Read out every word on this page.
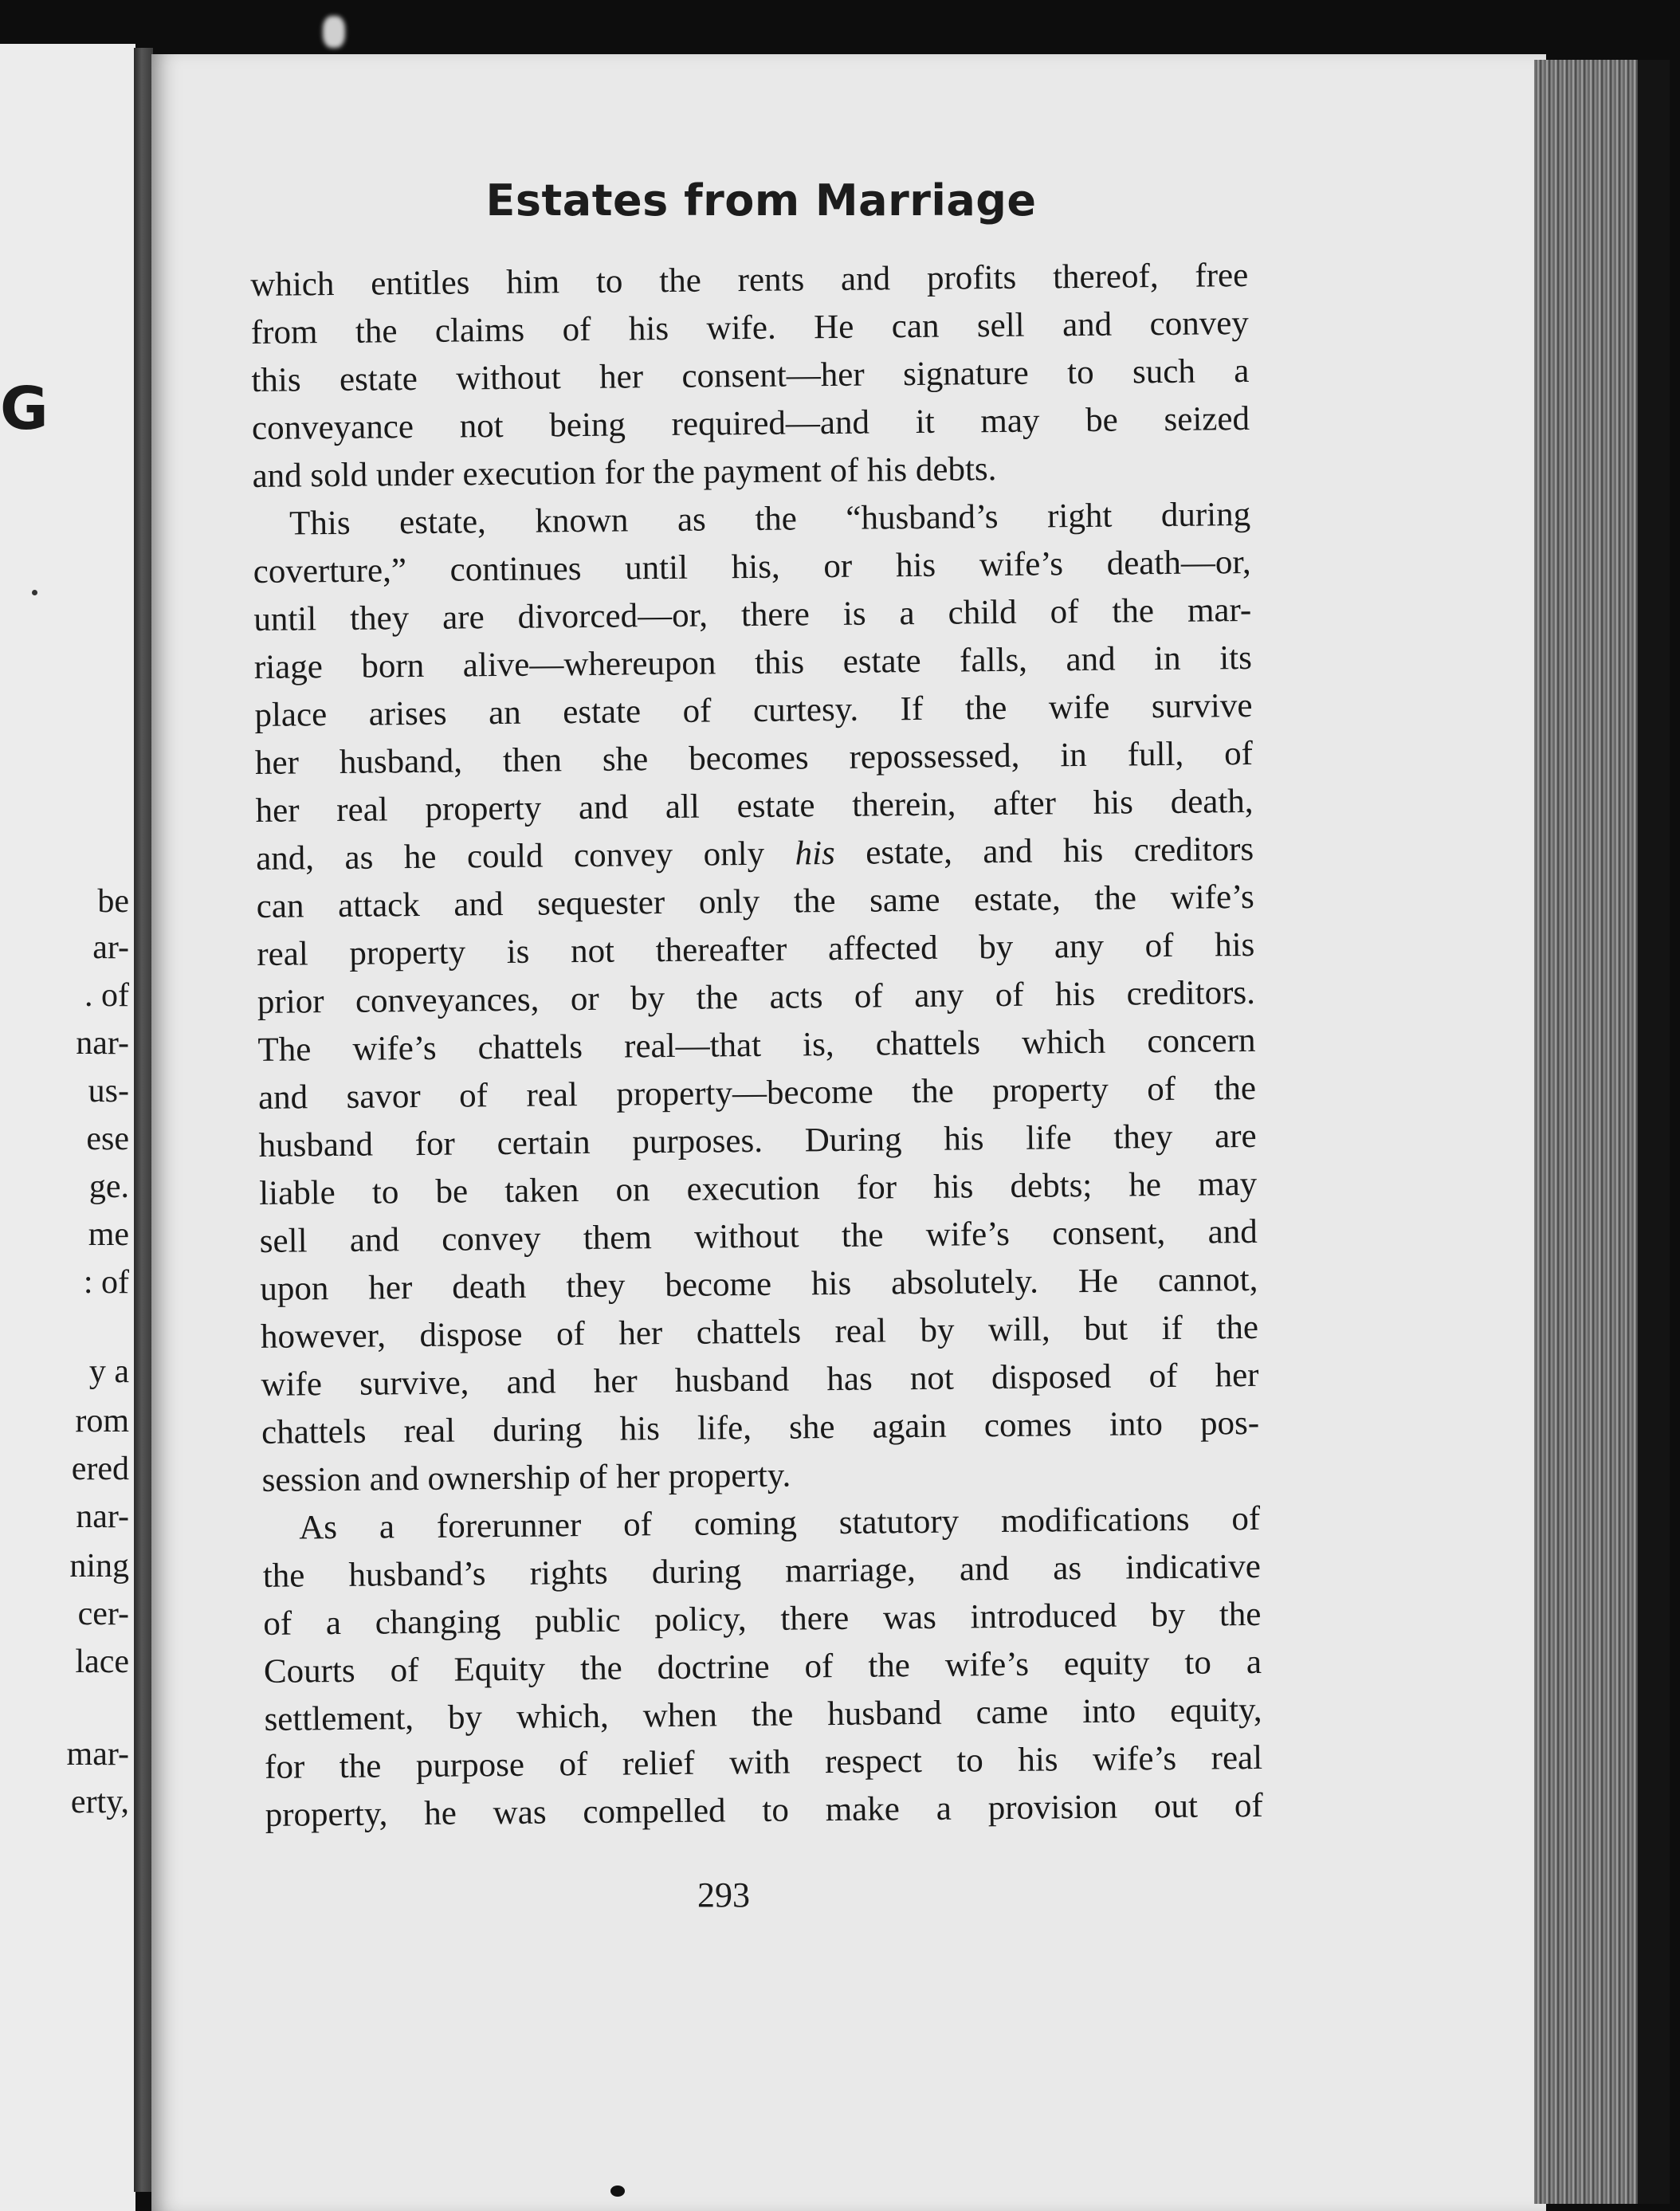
G
be
ar-
. of
nar-
us-
ese
ge.
me
: of
y a
rom
ered
nar-
ning
cer-
lace
mar-
erty,
Estates from Marriage
which entitles him to the rents and profits thereof, free
from the claims of his wife. He can sell and convey
this estate without her consent—her signature to such a
conveyance not being required—and it may be seized
and sold under execution for the payment of his debts.
This estate, known as the “husband’s right during
coverture,” continues until his, or his wife’s death—or,
until they are divorced—or, there is a child of the mar-
riage born alive—whereupon this estate falls, and in its
place arises an estate of curtesy. If the wife survive
her husband, then she becomes repossessed, in full, of
her real property and all estate therein, after his death,
and, as he could convey only his estate, and his creditors
can attack and sequester only the same estate, the wife’s
real property is not thereafter affected by any of his
prior conveyances, or by the acts of any of his creditors.
The wife’s chattels real—that is, chattels which concern
and savor of real property—become the property of the
husband for certain purposes. During his life they are
liable to be taken on execution for his debts; he may
sell and convey them without the wife’s consent, and
upon her death they become his absolutely. He cannot,
however, dispose of her chattels real by will, but if the
wife survive, and her husband has not disposed of her
chattels real during his life, she again comes into pos-
session and ownership of her property.
As a forerunner of coming statutory modifications of
the husband’s rights during marriage, and as indicative
of a changing public policy, there was introduced by the
Courts of Equity the doctrine of the wife’s equity to a
settlement, by which, when the husband came into equity,
for the purpose of relief with respect to his wife’s real
property, he was compelled to make a provision out of
293
